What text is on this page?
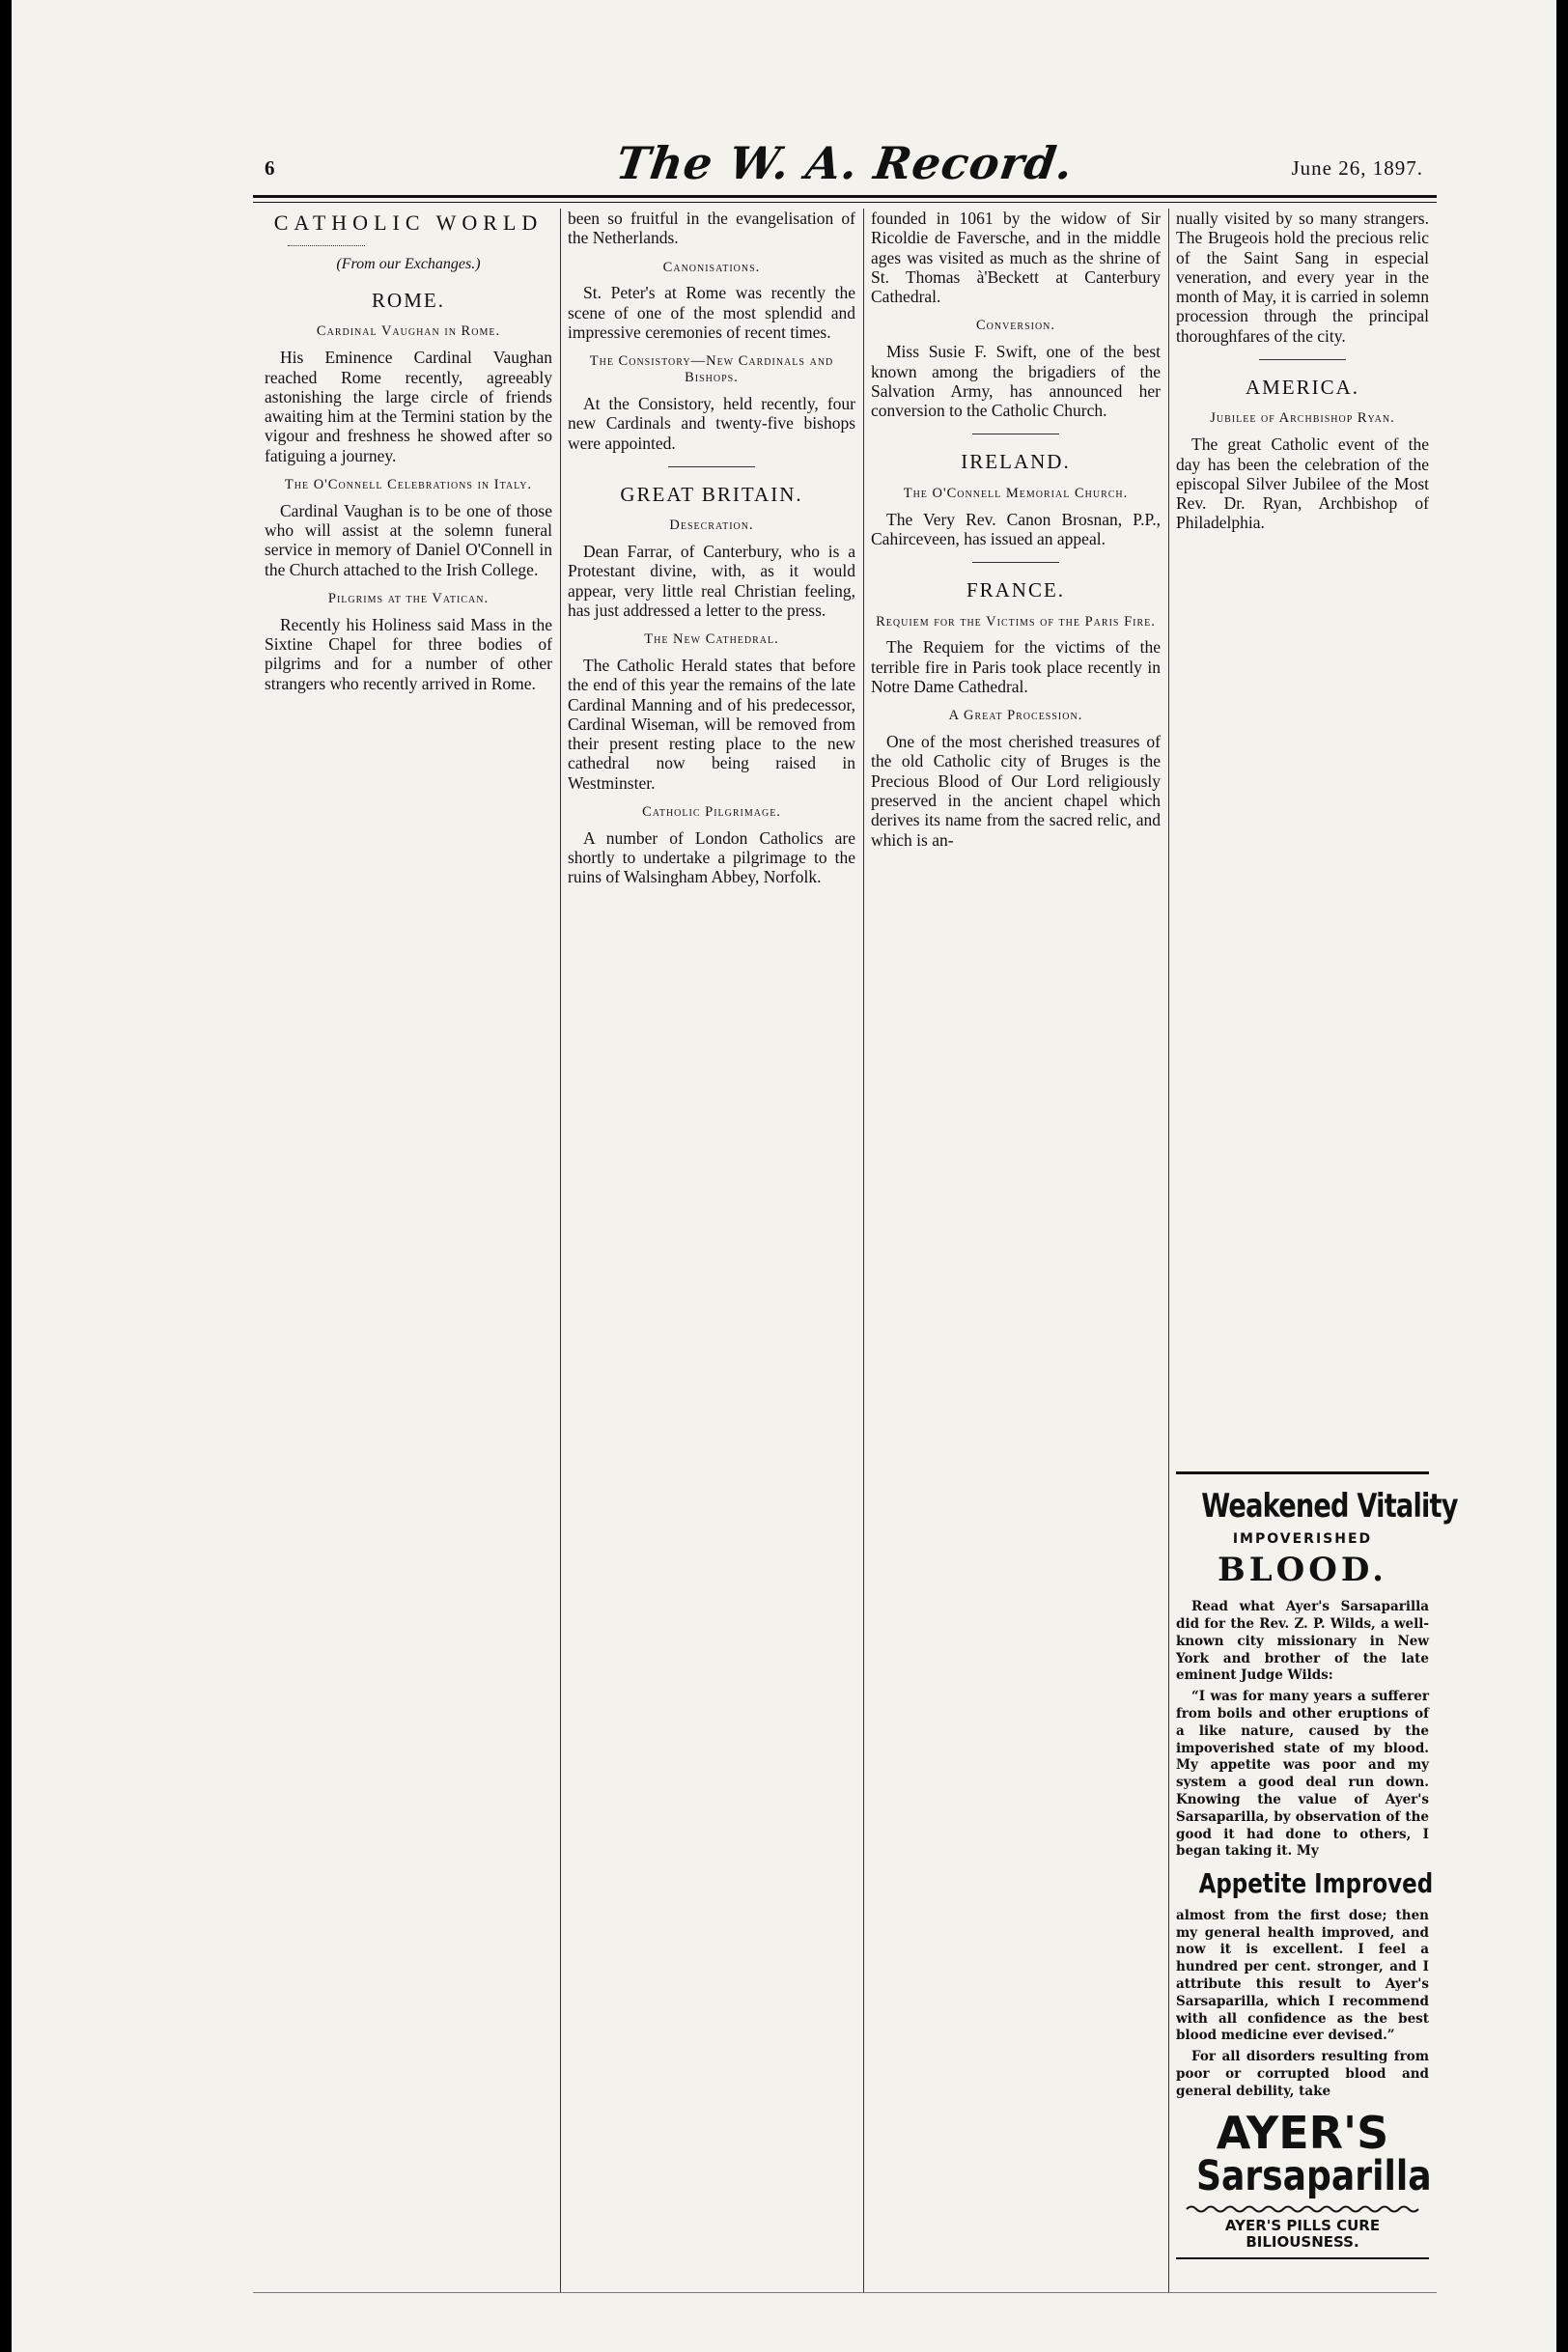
6	The W. A. Record.	June 26, 1897.
CATHOLIC WORLD
(From our Exchanges.)
ROME.
Cardinal Vaughan in Rome.

His Eminence Cardinal Vaughan reached Rome recently, agreeably astonishing the large circle of friends awaiting him at the Termini station by the vigour and freshness he showed after so fatiguing a journey.

The O'Connell Celebrations in Italy.

Cardinal Vaughan is to be one of those who will assist at the solemn funeral service in memory of Daniel O'Connell in the Church attached to the Irish College.

Pilgrims at the Vatican.

Recently his Holiness said Mass in the Sixtine Chapel for three bodies of pilgrims and for a number of other strangers who recently arrived in Rome.

been so fruitful in the evangelisation of the Netherlands.

Canonisations.

St. Peter's at Rome was recently the scene of one of the most splendid and impressive ceremonies of recent times.

The Consistory—New Cardinals and Bishops.

At the Consistory, held recently, four new Cardinals and twenty-five bishops were appointed.

GREAT BRITAIN.
Desecration.

Dean Farrar, of Canterbury, who is a Protestant divine, with, as it would appear, very little real Christian feeling, has just addressed a letter to the press.

The New Cathedral.

The Catholic Herald states that before the end of this year the remains of the late Cardinal Manning and of his predecessor, Cardinal Wiseman, will be removed from their present resting place to the new cathedral now being raised in Westminster.

Catholic Pilgrimage.

A number of London Catholics are shortly to undertake a pilgrimage to the ruins of Walsingham Abbey, Norfolk.

founded in 1061 by the widow of Sir Ricoldie de Faversche, and in the middle ages was visited as much as the shrine of St. Thomas à'Beckett at Canterbury Cathedral.

Conversion.

Miss Susie F. Swift, one of the best known among the brigadiers of the Salvation Army, has announced her conversion to the Catholic Church.

IRELAND.
The O'Connell Memorial Church.

The Very Rev. Canon Brosnan, P.P., Cahirceveen, has issued an appeal.

FRANCE.
Requiem for the Victims of the Paris Fire.

The Requiem for the victims of the terrible fire in Paris took place recently in Notre Dame Cathedral.

A Great Procession.

One of the most cherished treasures of the old Catholic city of Bruges is the Precious Blood of Our Lord religiously preserved in the ancient chapel which derives its name from the sacred relic, and which is an-

nually visited by so many strangers. The Brugeois hold the precious relic of the Saint Sang in especial veneration, and every year in the month of May, it is carried in solemn procession through the principal thoroughfares of the city.

AMERICA.
Jubilee of Archbishop Ryan.

The great Catholic event of the day has been the celebration of the episcopal Silver Jubilee of the Most Rev. Dr. Ryan, Archbishop of Philadelphia.

Weakened Vitality
IMPOVERISHED
BLOOD.

Read what Ayer's Sarsaparilla did for the Rev. Z. P. Wilds, a well-known city missionary in New York and brother of the late eminent Judge Wilds:

“I was for many years a sufferer from boils and other eruptions of a like nature, caused by the impoverished state of my blood. My appetite was poor and my system a good deal run down. Knowing the value of Ayer's Sarsaparilla, by observation of the good it had done to others, I began taking it. My

Appetite Improved

almost from the first dose; then my general health improved, and now it is excellent. I feel a hundred per cent. stronger, and I attribute this result to Ayer's Sarsaparilla, which I recommend with all confidence as the best blood medicine ever devised.”

For all disorders resulting from poor or corrupted blood and general debility, take

AYER'S
Sarsaparilla
AYER'S PILLS CURE BILIOUSNESS.
